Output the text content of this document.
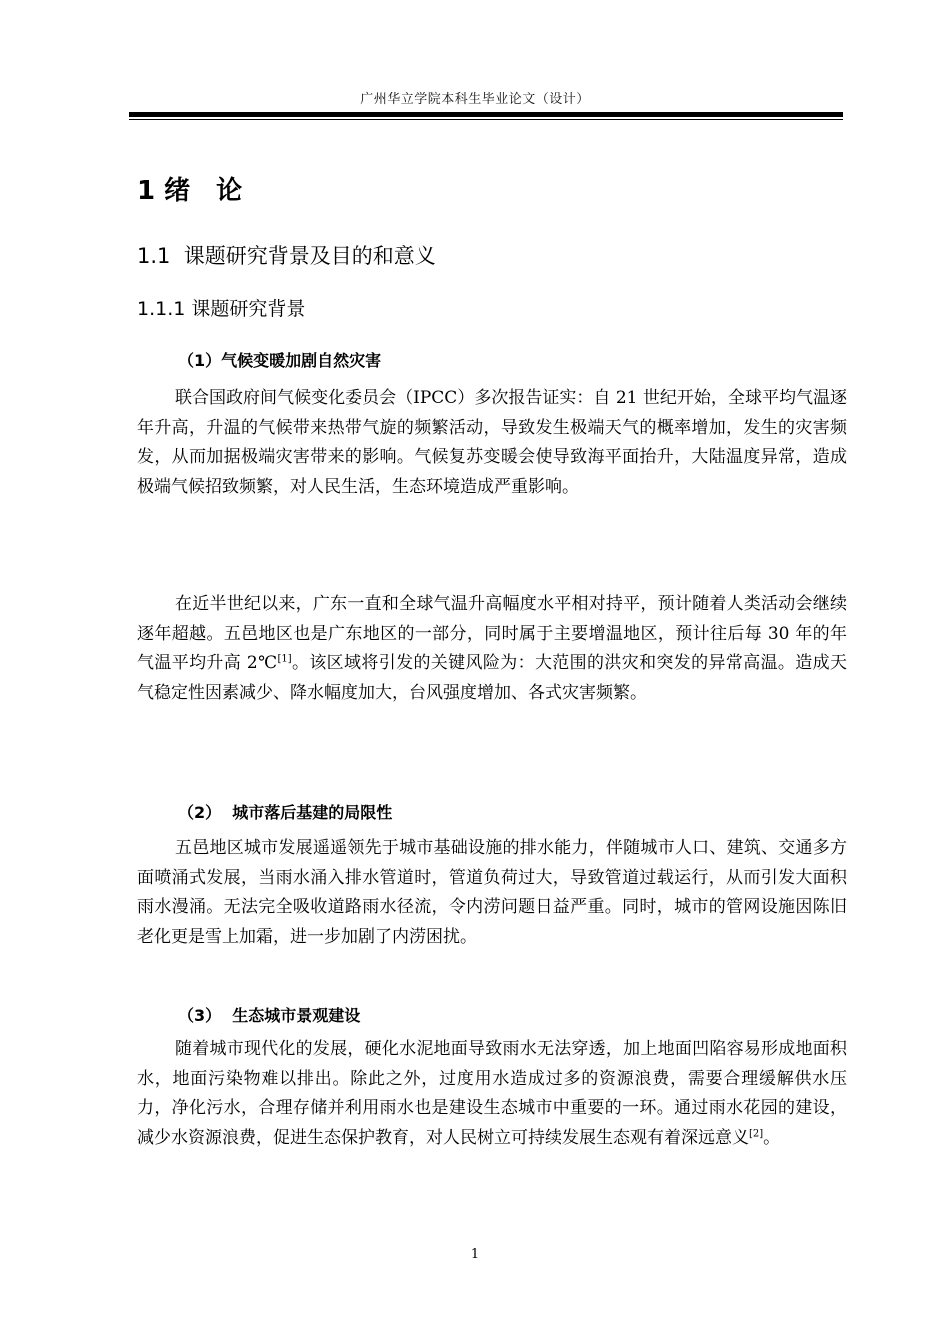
广州华立学院本科生毕业论文（设计）
1 绪　论
1.1  课题研究背景及目的和意义
1.1.1 课题研究背景
（1）气候变暖加剧自然灾害

联合国政府间气候变化委员会（IPCC）多次报告证实：自 21 世纪开始，全球平均气温逐年升高，升温的气候带来热带气旋的频繁活动，导致发生极端天气的概率增加，发生的灾害频发，从而加据极端灾害带来的影响。气候复苏变暖会使导致海平面抬升，大陆温度异常，造成极端气候招致频繁，对人民生活，生态环境造成严重影响。

在近半世纪以来，广东一直和全球气温升高幅度水平相对持平，预计随着人类活动会继续逐年超越。五邑地区也是广东地区的一部分，同时属于主要增温地区，预计往后每 30 年的年气温平均升高 2℃[1]。该区域将引发的关键风险为：大范围的洪灾和突发的异常高温。造成天气稳定性因素减少、降水幅度加大，台风强度增加、各式灾害频繁。

（2）  城市落后基建的局限性

五邑地区城市发展遥遥领先于城市基础设施的排水能力，伴随城市人口、建筑、交通多方面喷涌式发展，当雨水涌入排水管道时，管道负荷过大，导致管道过载运行，从而引发大面积雨水漫涌。无法完全吸收道路雨水径流，令内涝问题日益严重。同时，城市的管网设施因陈旧老化更是雪上加霜，进一步加剧了内涝困扰。

（3）  生态城市景观建设

随着城市现代化的发展，硬化水泥地面导致雨水无法穿透，加上地面凹陷容易形成地面积水，地面污染物难以排出。除此之外，过度用水造成过多的资源浪费，需要合理缓解供水压力，净化污水，合理存储并利用雨水也是建设生态城市中重要的一环。通过雨水花园的建设，减少水资源浪费，促进生态保护教育，对人民树立可持续发展生态观有着深远意义[2]。

1
